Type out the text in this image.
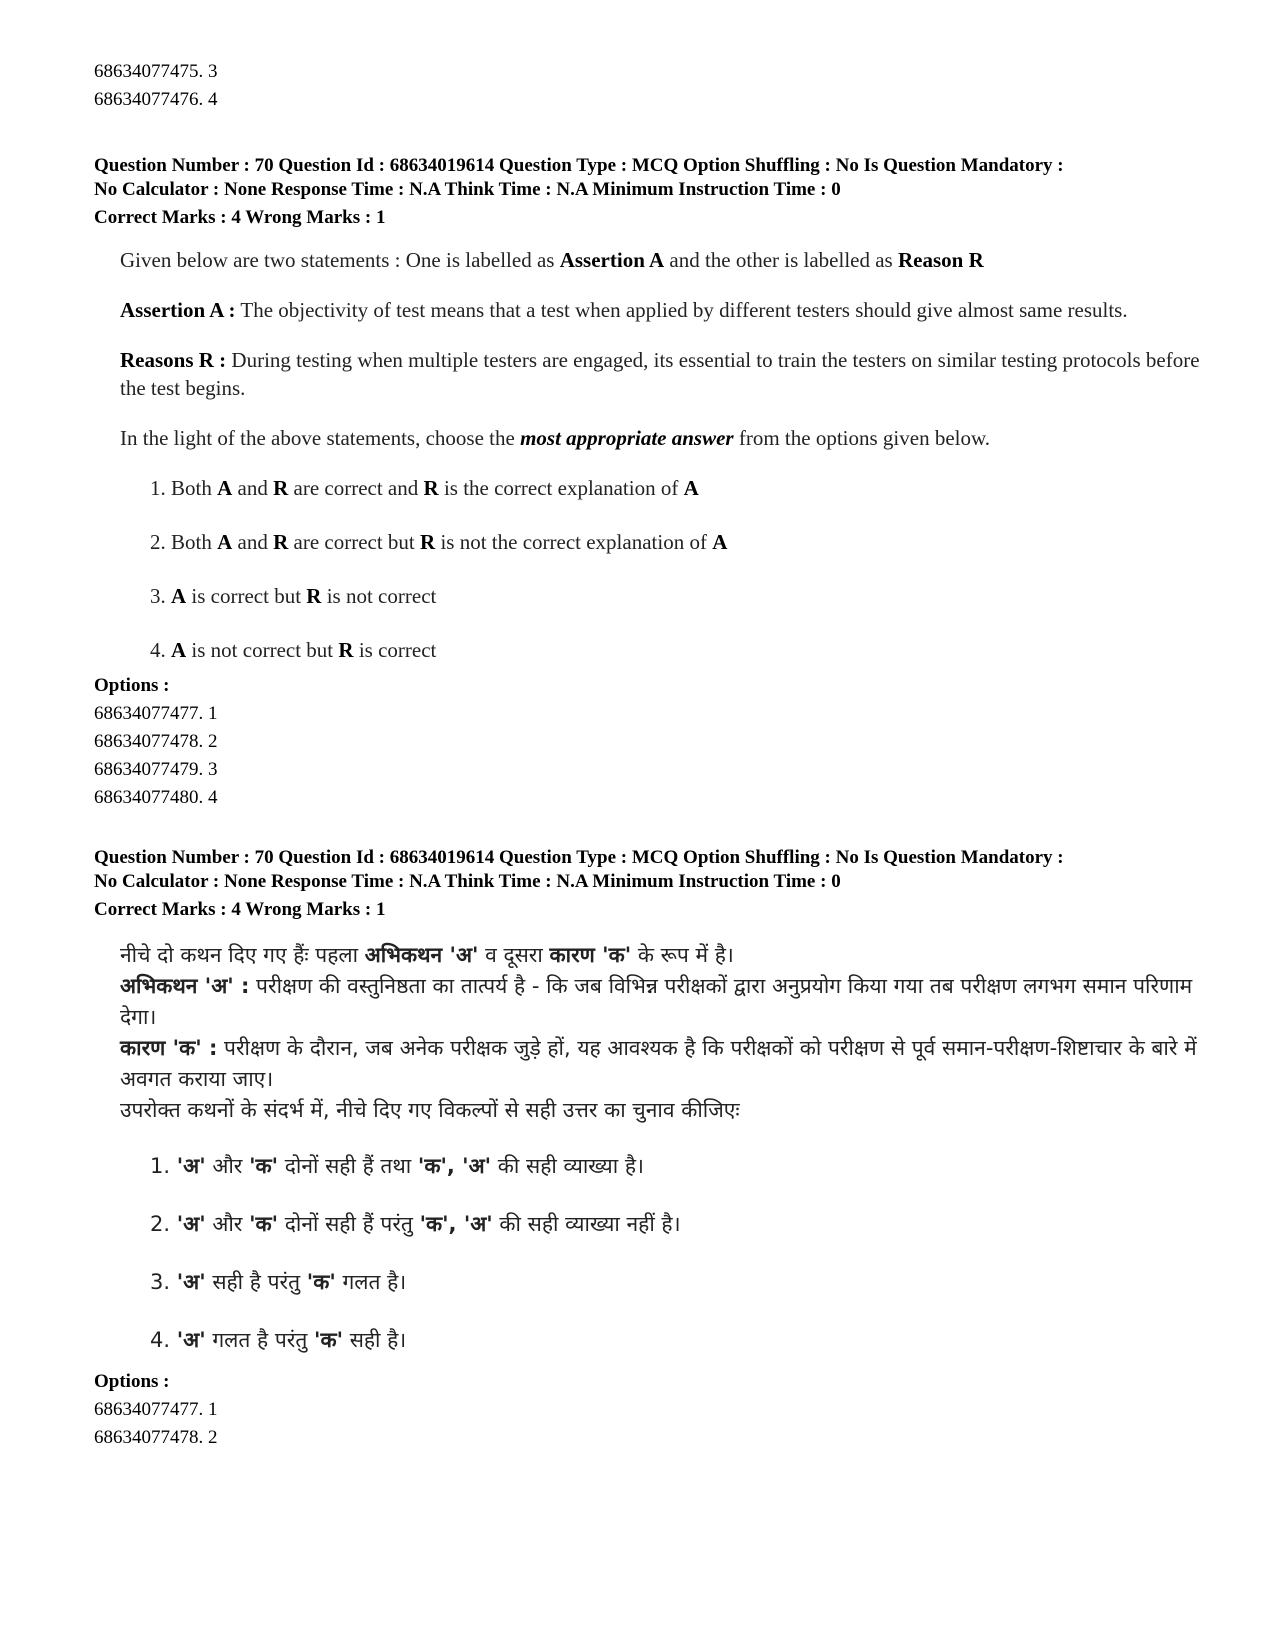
68634077475. 3
68634077476. 4
Question Number : 70 Question Id : 68634019614 Question Type : MCQ Option Shuffling : No Is Question Mandatory :
No Calculator : None Response Time : N.A Think Time : N.A Minimum Instruction Time : 0
Correct Marks : 4 Wrong Marks : 1
Given below are two statements : One is labelled as Assertion A and the other is labelled as Reason R
Assertion A : The objectivity of test means that a test when applied by different testers should give almost same results.
Reasons R : During testing when multiple testers are engaged, its essential to train the testers on similar testing protocols before the test begins.
In the light of the above statements, choose the most appropriate answer from the options given below.
1. Both A and R are correct and R is the correct explanation of A
2. Both A and R are correct but R is not the correct explanation of A
3. A is correct but R is not correct
4. A is not correct but R is correct
Options :
68634077477. 1
68634077478. 2
68634077479. 3
68634077480. 4
Question Number : 70 Question Id : 68634019614 Question Type : MCQ Option Shuffling : No Is Question Mandatory :
No Calculator : None Response Time : N.A Think Time : N.A Minimum Instruction Time : 0
Correct Marks : 4 Wrong Marks : 1
नीचे दो कथन दिए गए हैंः पहला अभिकथन 'अ' व दूसरा कारण 'क' के रूप में है।
अभिकथन 'अ' : परीक्षण की वस्तुनिष्ठता का तात्पर्य है - कि जब विभिन्न परीक्षकों द्वारा अनुप्रयोग किया गया तब परीक्षण लगभग समान परिणाम देगा।
कारण 'क' : परीक्षण के दौरान, जब अनेक परीक्षक जुड़े हों, यह आवश्यक है कि परीक्षकों को परीक्षण से पूर्व समान-परीक्षण-शिष्टाचार के बारे में अवगत कराया जाए।
उपरोक्त कथनों के संदर्भ में, नीचे दिए गए विकल्पों से सही उत्तर का चुनाव कीजिएः
1. 'अ' और 'क' दोनों सही हैं तथा 'क', 'अ' की सही व्याख्या है।
2. 'अ' और 'क' दोनों सही हैं परंतु 'क', 'अ' की सही व्याख्या नहीं है।
3. 'अ' सही है परंतु 'क' गलत है।
4. 'अ' गलत है परंतु 'क' सही है।
Options :
68634077477. 1
68634077478. 2
